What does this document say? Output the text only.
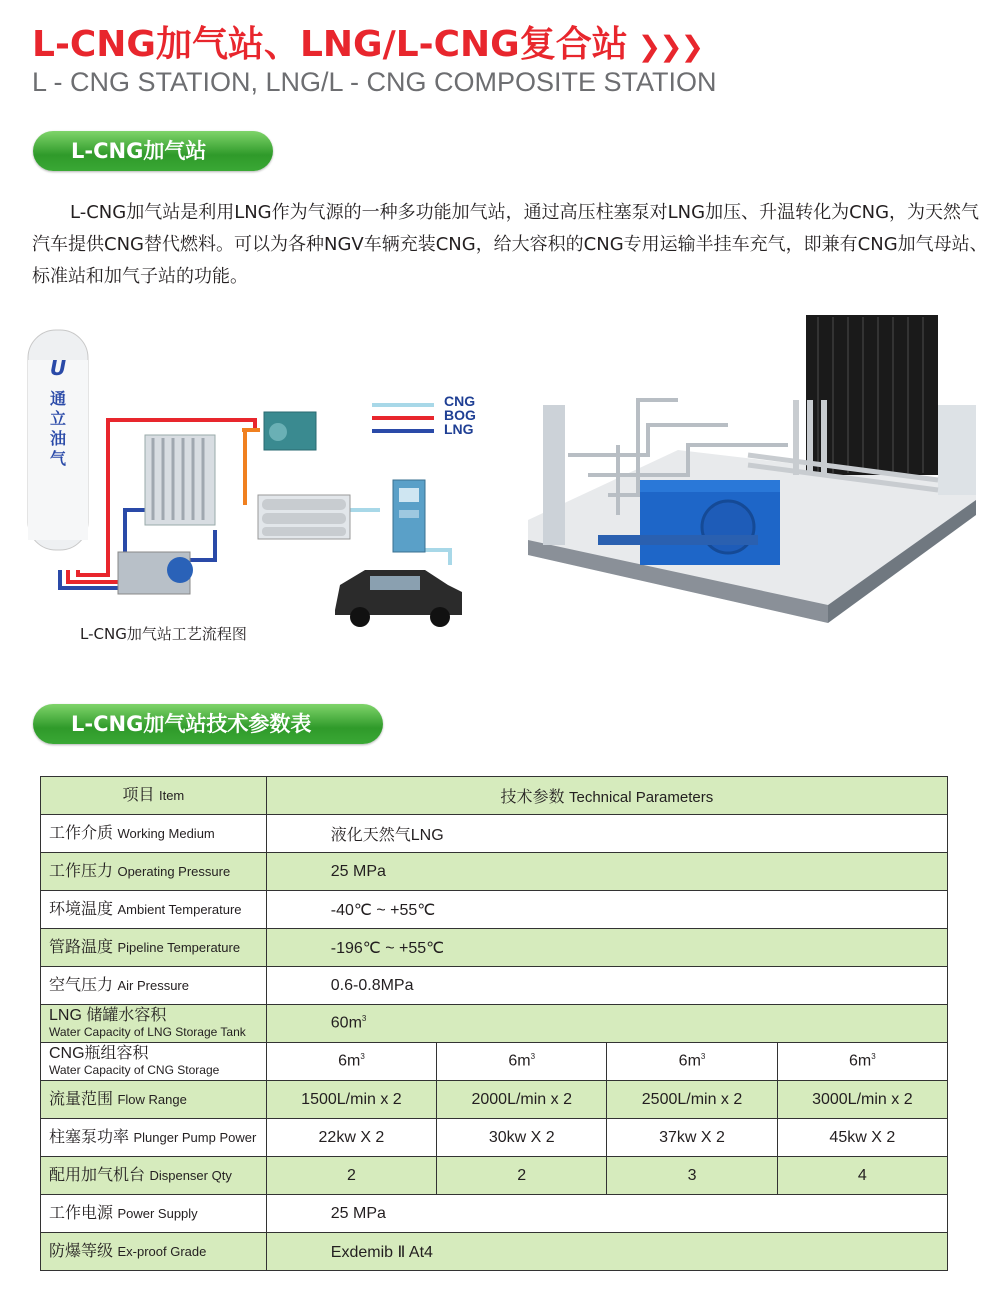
L-CNG加气站、LNG/L-CNG复合站 ❯❯❯
L - CNG STATION, LNG/L - CNG COMPOSITE STATION
L-CNG加气站
L-CNG加气站是利用LNG作为气源的一种多功能加气站，通过高压柱塞泵对LNG加压、升温转化为CNG，为天然气汽车提供CNG替代燃料。可以为各种NGV车辆充装CNG，给大容积的CNG专用运输半挂车充气，即兼有CNG加气母站、标准站和加气子站的功能。
U
通立油气
CNG
BOG
LNG
L-CNG加气站工艺流程图
L-CNG加气站技术参数表
项目 Item	技术参数 Technical Parameters			
工作介质 Working Medium	液化天然气LNG			
工作压力 Operating Pressure	25 MPa			
环境温度 Ambient Temperature	-40℃ ~ +55℃			
管路温度 Pipeline Temperature	-196℃ ~ +55℃			
空气压力 Air Pressure	0.6-0.8MPa			
LNG 储罐水容积
Water Capacity of LNG Storage Tank	$60m^3$
CNG瓶组容积
Water Capacity of CNG Storage	$6m^3$	$6m^3$	$6m^3$	$6m^3$
流量范围 Flow Range	1500L/min x 2	2000L/min x 2	2500L/min x 2	3000L/min x 2
柱塞泵功率 Plunger Pump Power	22kw X 2	30kw X 2	37kw X 2	45kw X 2
配用加气机台 Dispenser Qty	2	2	3	4
工作电源 Power Supply	25 MPa			
防爆等级 Ex-proof Grade	Exdemib Ⅱ At4			
